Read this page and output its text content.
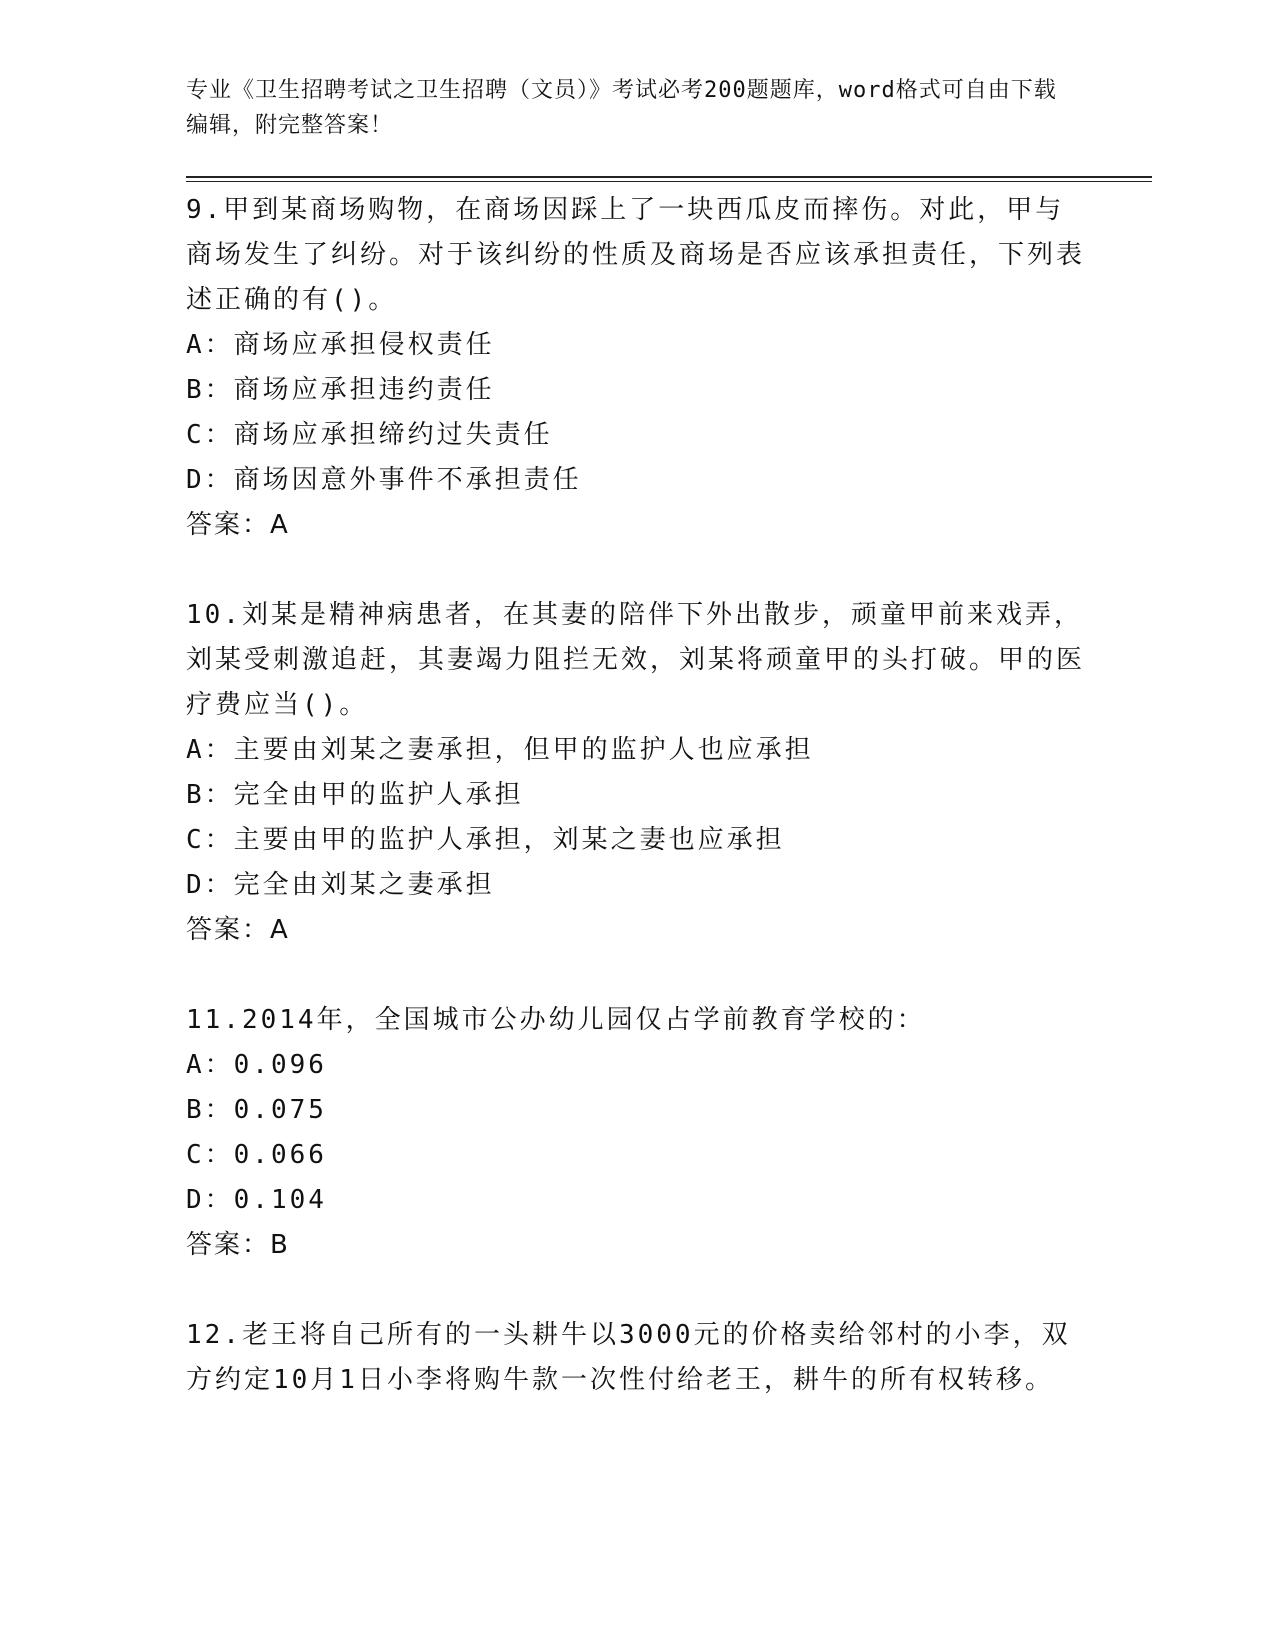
专业《卫生招聘考试之卫生招聘（文员）》考试必考200题题库，word格式可自由下载编辑，附完整答案！

9.甲到某商场购物，在商场因踩上了一块西瓜皮而摔伤。对此，甲与商场发生了纠纷。对于该纠纷的性质及商场是否应该承担责任，下列表述正确的有()。

A：商场应承担侵权责任

B：商场应承担违约责任

C：商场应承担缔约过失责任

D：商场因意外事件不承担责任

答案：A

10.刘某是精神病患者，在其妻的陪伴下外出散步，顽童甲前来戏弄，刘某受刺激追赶，其妻竭力阻拦无效，刘某将顽童甲的头打破。甲的医疗费应当()。

A：主要由刘某之妻承担，但甲的监护人也应承担

B：完全由甲的监护人承担

C：主要由甲的监护人承担，刘某之妻也应承担

D：完全由刘某之妻承担

答案：A

11.2014年，全国城市公办幼儿园仅占学前教育学校的：

A：0.096

B：0.075

C：0.066

D：0.104

答案：B

12.老王将自己所有的一头耕牛以3000元的价格卖给邻村的小李，双方约定10月1日小李将购牛款一次性付给老王，耕牛的所有权转移。
